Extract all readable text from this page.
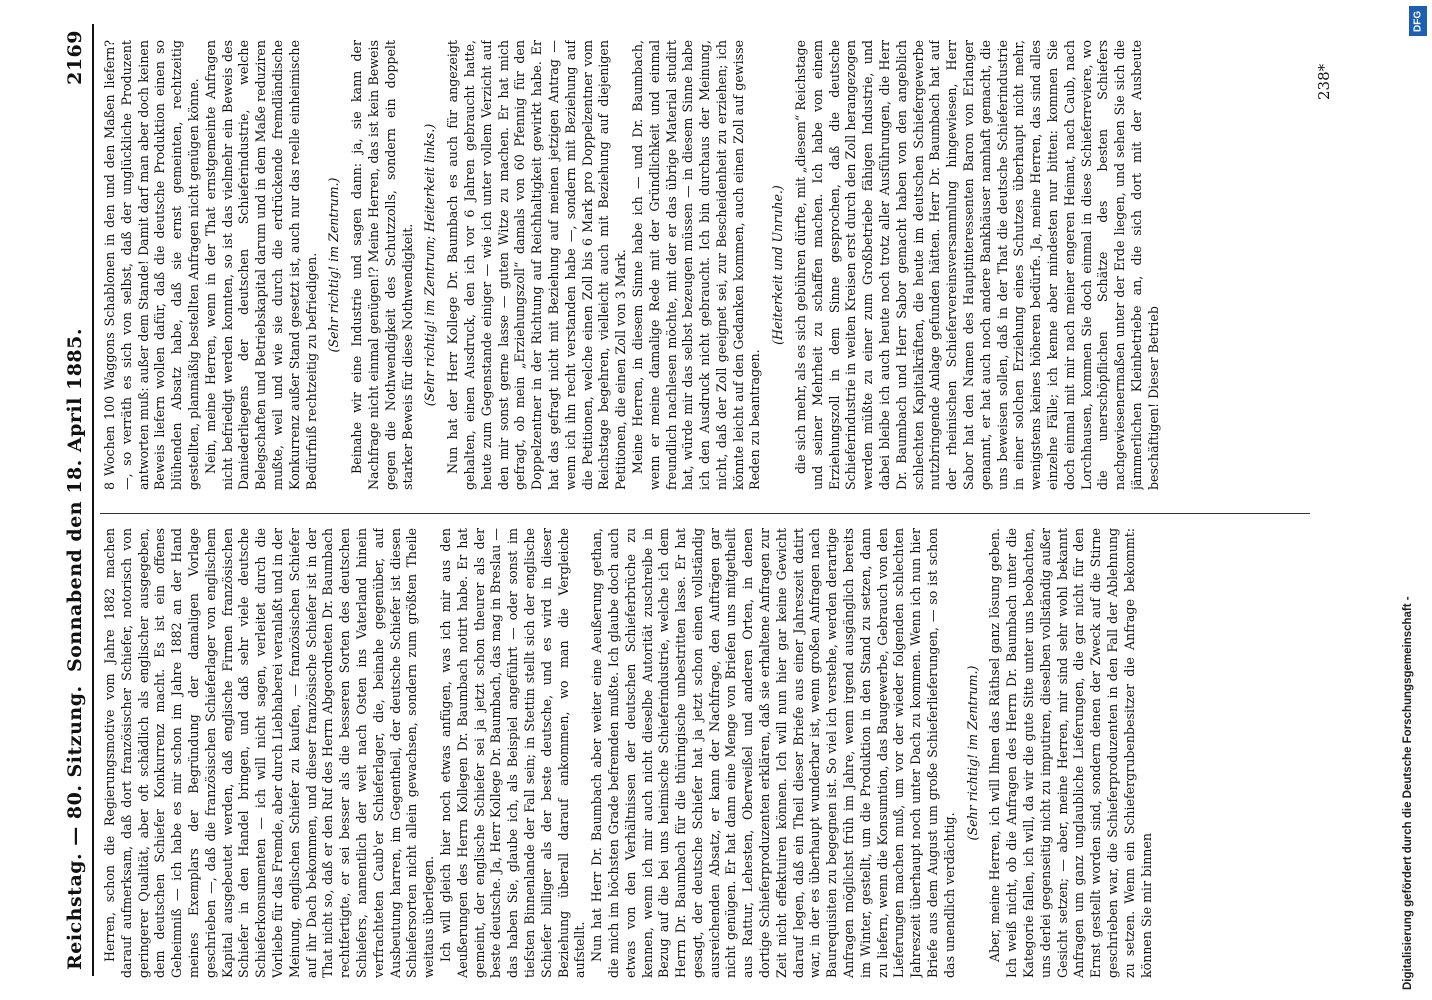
Reichstag. — 80. Sitzung.
Sonnabend den 18. April 1885.
2169

Herren, schon die Regierungsmotive vom Jahre 1882 machen darauf aufmerksam, daß dort französischer Schiefer, notorisch von geringerer Qualität, aber oft schädlich als englischer ausgegeben, dem deutschen Schiefer Konkurrenz macht. Es ist ein offenes Geheimniß — ich habe es mir schon im Jahre 1882 an der Hand meines Exemplars der Begründung der damaligen Vorlage geschrieben —, daß die französischen Schieferlager von englischem Kapital ausgebeutet werden, daß englische Firmen französischen Schiefer in den Handel bringen, und daß sehr viele deutsche Schieferkonsumenten — ich will nicht sagen, verleitet durch die Vorliebe für das Fremde, aber durch Liebhaberei veranlaßt und in der Meinung, englischen Schiefer zu kaufen, — französischen Schiefer auf ihr Dach bekommen, und dieser französische Schiefer ist in der That nicht so, daß er den Ruf des Herrn Abgeordneten Dr. Baumbach rechtfertigte, er sei besser als die besseren Sorten des deutschen Schiefers, namentlich der weit nach Osten ins Vaterland hinein verfrachteten Caub'er Schieferlager, die, beinahe gegenüber, auf Ausbeutung harren, im Gegentheil, der deutsche Schiefer ist diesen Schiefersorten nicht allein gewachsen, sondern zum größten Theile weitaus überlegen. Ich will gleich hier noch etwas anfügen, was ich mir aus den Aeußerungen des Herrn Kollegen Dr. Baumbach notirt habe. Er hat gemeint, der englische Schiefer sei ja jetzt schon theurer als der beste deutsche. Ja, Herr Kollege Dr. Baumbach, das mag in Breslau — das haben Sie, glaube ich, als Beispiel angeführt — oder sonst im tiefsten Binnenlande der Fall sein; in Stettin stellt sich der englische Schiefer billiger als der beste deutsche, und es wird in dieser Beziehung überall darauf ankommen, wo man die Vergleiche aufstellt. Nun hat Herr Dr. Baumbach aber weiter eine Aeußerung gethan, die mich im höchsten Grade befremden mußte. Ich glaube doch auch etwas von den Verhältnissen der deutschen Schieferbrüche zu kennen, wenn ich mir auch nicht dieselbe Autorität zuschreibe in Bezug auf die bei uns heimische Schieferindustrie, welche ich dem Herrn Dr. Baumbach für die thüringische unbestritten lasse. Er hat gesagt, der deutsche Schiefer hat ja jetzt schon einen vollständig ausreichenden Absatz, er kann der Nachfrage, den Aufträgen gar nicht genügen. Er hat dann eine Menge von Briefen uns mitgetheilt aus Rattur, Lehesten, Oberweißel und anderen Orten, in denen dortige Schieferproduzenten erklären, daß sie erhaltene Anfragen zur Zeit nicht effektuiren können. Ich will nun hier gar keine Gewicht darauf legen, daß ein Theil dieser Briefe aus einer Jahreszeit datirt war, in der es überhaupt wunderbar ist, wenn großen Anfragen nach Baurequisiten zu begegnen ist. So viel ich verstehe, werden derartige Anfragen möglichst früh im Jahre, wenn irgend ausgänglich bereits im Winter, gestellt, um die Produktion in den Stand zu setzen, dann zu liefern, wenn die Konsumtion, das Baugewerbe, Gebrauch von den Lieferungen machen muß, um vor der wieder folgenden schlechten Jahreszeit überhaupt noch unter Dach zu kommen. Wenn ich nun hier Briefe aus dem August um große Schieferlieferungen, — so ist schon das unendlich verdächtig.

(Sehr richtig! im Zentrum.) Aber, meine Herren, ich will Ihnen das Räthsel ganz lösung geben. Ich weiß nicht, ob die Anfragen des Herrn Dr. Baumbach unter die Kategorie fallen, ich will, da wir die gute Sitte unter uns beobachten, uns derlei gegenseitig nicht zu imputiren, dieselben vollständig außer Gesicht setzen; — aber, meine Herren, mir sind sehr wohl bekannt Anfragen um ganz unglaubliche Lieferungen, die gar nicht für den Ernst gestellt worden sind, sondern denen der Zweck auf die Stirne geschrieben war, die Schieferproduzenten in den Fall der Ablehnung zu setzen. Wenn ein Schiefergrubenbesitzer die Anfrage bekommt: können Sie mir binnen

8 Wochen 100 Waggons Schablonen in den und den Maßen liefern? —, so verräth es sich von selbst, daß der unglückliche Produzent antworten muß: außer dem Stande! Damit darf man aber doch keinen Beweis liefern wollen dafür, daß die deutsche Produktion einen so blühenden Absatz habe, daß sie ernst gemeinten, rechtzeitig gestellten, planmäßig bestellten Anfragen nicht genügen könne. Nein, meine Herren, wenn in der That ernstgemeinte Anfragen nicht befriedigt werden konnten, so ist das vielmehr ein Beweis des Daniederliegens der deutschen Schieferindustrie, welche Belegschaften und Betriebskapital darum und in dem Maße reduziren mußte, weil und wie sie durch die erdrückende fremdländische Konkurrenz außer Stand gesetzt ist, auch nur das reelle einheimische Bedürfniß rechtzeitig zu befriedigen. (Sehr richtig! im Zentrum.) Beinahe wir eine Industrie und sagen dann: ja, sie kann der Nachfrage nicht einmal genügen!? Meine Herren, das ist kein Beweis gegen die Nothwendigkeit des Schutzzolls, sondern ein doppelt starker Beweis für diese Nothwendigkeit. (Sehr richtig! im Zentrum; Heiterkeit links.) Nun hat der Herr Kollege Dr. Baumbach es auch für angezeigt gehalten, einen Ausdruck, den ich vor 6 Jahren gebraucht hatte, heute zum Gegenstande einiger — wie ich unter vollem Verzicht auf den mir sonst gerne lasse — guten Witze zu machen. Er hat mich gefragt, ob mein „Erziehungszoll“ damals von 60 Pfennig für den Doppelzentner in der Richtung auf Reichhaltigkeit gewirkt habe. Er hat das gefragt nicht mit Beziehung auf meinen jetzigen Antrag — wenn ich ihn recht verstanden habe —, sondern mit Beziehung auf die Petitionen, welche einen Zoll bis 6 Mark pro Doppelzentner vom Reichstage begehren, vielleicht auch mit Beziehung auf diejenigen Petitionen, die einen Zoll von 3 Mark. Meine Herren, in diesem Sinne habe ich — und Dr. Baumbach, wenn er meine damalige Rede mit der Gründlichkeit und einmal freundlich nachlesen möchte, mit der er das übrige Material studirt hat, würde mir das selbst bezeugen müssen — in diesem Sinne habe ich den Ausdruck nicht gebraucht. Ich bin durchaus der Meinung, nicht, daß der Zoll geeignet sei, zur Bescheidenheit zu erziehen; ich könnte leicht auf den Gedanken kommen, auch einen Zoll auf gewisse Reden zu beantragen.

(Heiterkeit und Unruhe.) die sich mehr, als es sich gebühren dürfte, mit „diesem“ Reichstage und seiner Mehrheit zu schaffen machen. Ich habe von einem Erziehungszoll in dem Sinne gesprochen, daß die deutsche Schieferindustrie in weiten Kreisen erst durch den Zoll herangezogen werden müßte zu einer zum Großbetriebe fähigen Industrie, und dabei bleibe ich auch heute noch trotz aller Ausführungen, die Herr Dr. Baumbach und Herr Sabor gemacht haben von den angeblich schlechten Kapitalkräften, die heute im deutschen Schiefergewerbe nutzbringende Anlage gefunden hätten. Herr Dr. Baumbach hat auf der rheinischen Schiefervereinsversammlung hingewiesen, Herr Sabor hat den Namen des Hauptinteressenten Baron von Erlanger genannt, er hat auch noch andere Bankhäuser namhaft gemacht, die uns beweisen sollen, daß in der That die deutsche Schieferindustrie in einer solchen Erziehung eines Schutzes überhaupt nicht mehr, wenigstens keines höheren bedürfe. Ja, meine Herren, das sind alles einzelne Fälle; ich kenne aber mindesten nur bitten: kommen Sie doch einmal mit mir nach meiner engeren Heimat, nach Caub, nach Lorchhausen, kommen Sie doch einmal in diese Schieferreviere, wo die unerschöpflichen Schätze des besten Schiefers nachgewiesenermaßen unter der Erde liegen, und sehen Sie sich die jämmerlichen Kleinbetriebe an, die sich dort mit der Ausbeute beschäftigen! Dieser Betrieb

238*
Digitalisierung gefördert durch die Deutsche Forschungsgemeinschaft -
DFG
